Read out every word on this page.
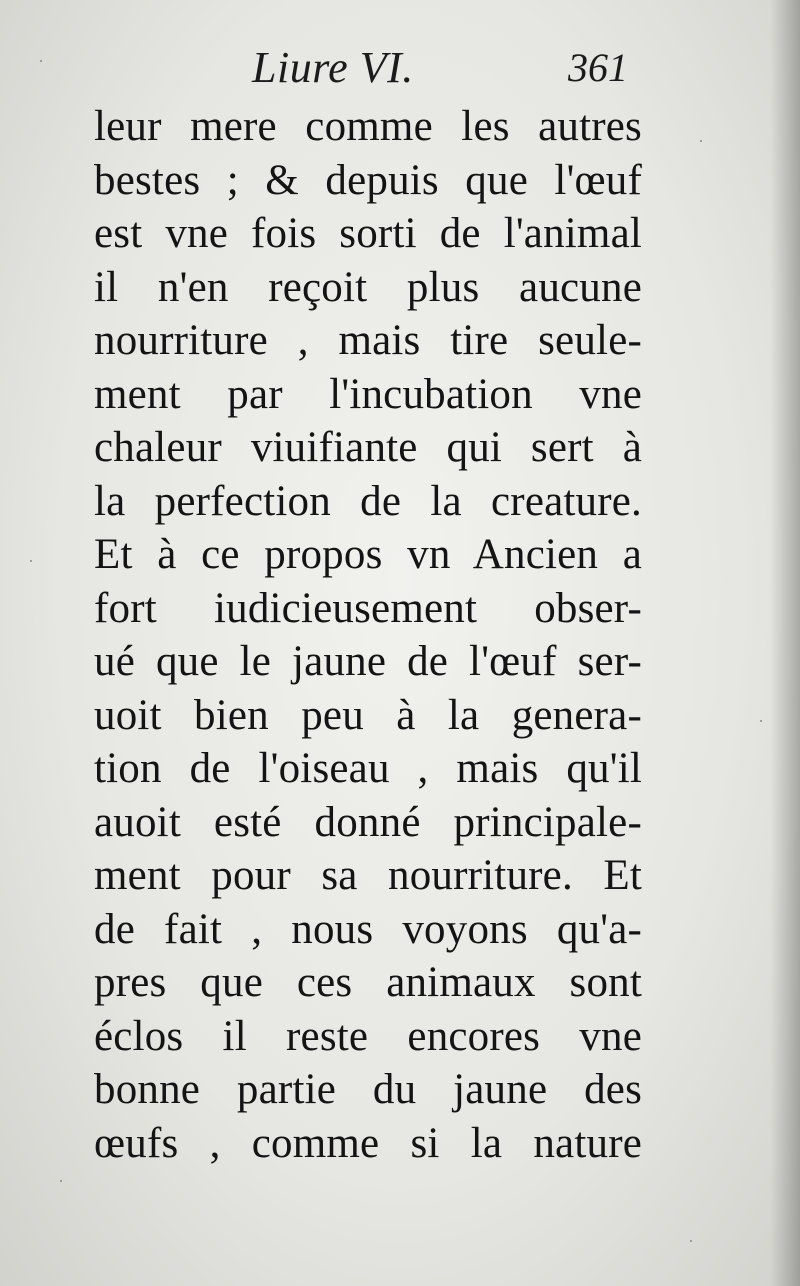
Liure VI.	361
leur mere comme les autres
bestes ; & depuis que l'œuf
est vne fois sorti de l'animal
il n'en reçoit plus aucune
nourriture , mais tire seule-
ment par l'incubation vne
chaleur viuifiante qui sert à
la perfection de la creature.
Et à ce propos vn Ancien a
fort iudicieusement obser-
ué que le jaune de l'œuf ser-
uoit bien peu à la genera-
tion de l'oiseau , mais qu'il
auoit esté donné principale-
ment pour sa nourriture. Et
de fait , nous voyons qu'a-
pres que ces animaux sont
éclos il reste encores vne
bonne partie du jaune des
œufs , comme si la nature
